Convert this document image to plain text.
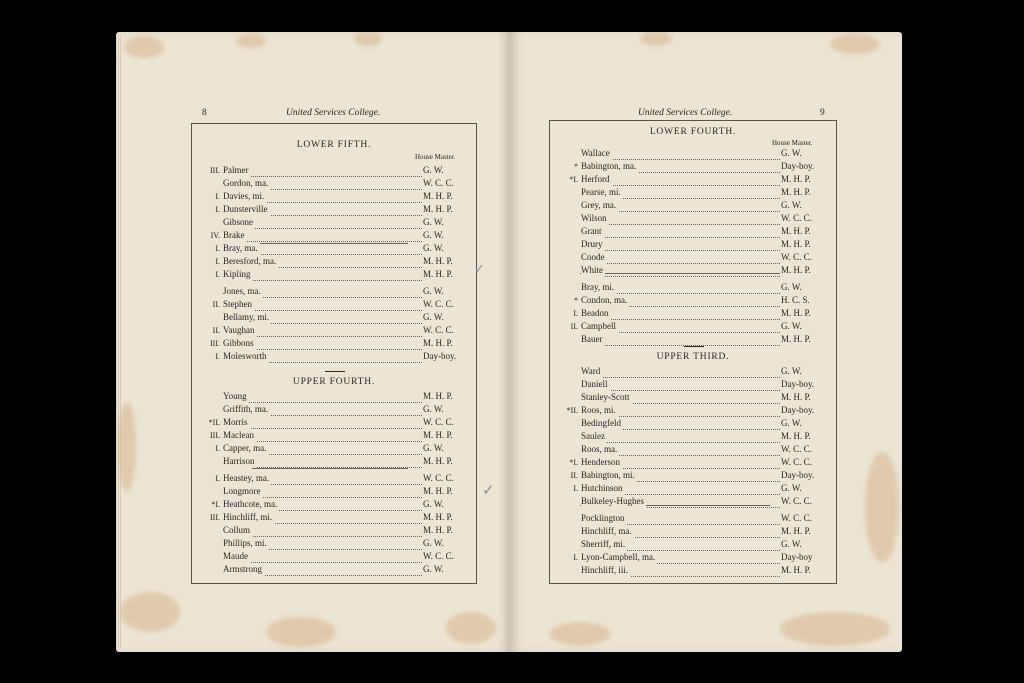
8	United Services College.
LOWER FIFTH.
House Master.
III. Palmer	G. W.
Gordon, ma.	W. C. C.
I. Davies, mi.	M. H. P.
I. Dunsterville	M. H. P.
Gibsone	G. W.
IV. Brake	G. W.
I. Bray, ma.	G. W.
I. Beresford, ma.	M. H. P.
I. Kipling	M. H. P.
Jones, ma.	G. W.
II. Stephen	W. C. C.
Bellamy, mi.	G. W.
II. Vaughan	W. C. C.
III. Gibbons	M. H. P.
I. Molesworth	Day-boy.
UPPER FOURTH.
Young	M. H. P.
Griffith, ma.	G. W.
*II. Morris	W. C. C.
III. Maclean	M. H. P.
I. Capper, ma.	G. W.
Harrison	M. H. P.
I. Heastey, ma.	W. C. C.
Longmore	M. H. P.
*I. Heathcote, ma.	G. W.
III. Hinchliff, mi.	M. H. P.
Collum	M. H. P.
Phillips, mi.	G. W.
Maude	W. C. C.
Armstrong	G. W.
✓
✓
United Services College.	9
LOWER FOURTH.
House Master.
Wallace	G. W.
* Babington, ma.	Day-boy.
*I. Herford	M. H. P.
Pearse, mi.	M. H. P.
Grey, ma.	G. W.
Wilson	W. C. C.
Grant	M. H. P.
Drury	M. H. P.
Coode	W. C. C.
White	M. H. P.
Bray, mi.	G. W.
* Condon, ma.	H. C. S.
I. Beadon	M. H. P.
II. Campbell	G. W.
Bauer	M. H. P.
UPPER THIRD.
Ward	G. W.
Daniell	Day-boy.
Stanley-Scott	M. H. P.
*II. Roos, mi.	Day-boy.
Bedingfeld	G. W.
Saulez	M. H. P.
Roos, ma.	W. C. C.
*I. Henderson	W. C. C.
II. Babington, mi.	Day-boy.
I. Hutchinson	G. W.
Bulkeley-Hughes	W. C. C.
Pocklington	W. C. C.
Hinchliff, ma.	M. H. P.
Sherriff, mi.	G. W.
I. Lyon-Campbell, ma.	Day-boy
Hinchliff, iii.	M. H. P.
